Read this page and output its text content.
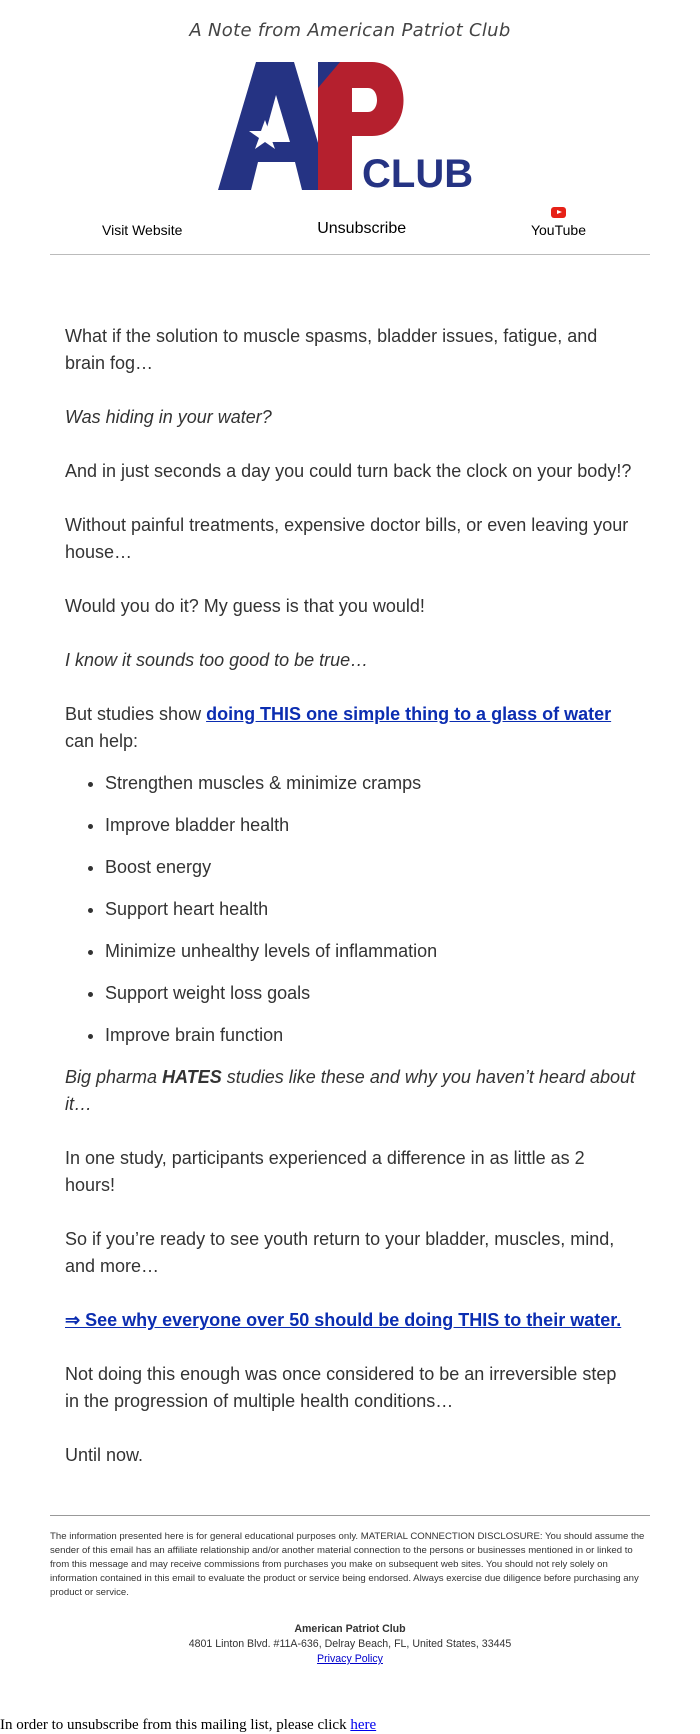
A Note from American Patriot Club
CLUB
Visit Website	Unsubscribe	YouTube

What if the solution to muscle spasms, bladder issues, fatigue, and brain fog…

Was hiding in your water?

And in just seconds a day you could turn back the clock on your body!?

Without painful treatments, expensive doctor bills, or even leaving your house…

Would you do it? My guess is that you would!

I know it sounds too good to be true…

But studies show doing THIS one simple thing to a glass of water can help:

• Strengthen muscles & minimize cramps
• Improve bladder health
• Boost energy
• Support heart health
• Minimize unhealthy levels of inflammation
• Support weight loss goals
• Improve brain function

Big pharma HATES studies like these and why you haven’t heard about it…

In one study, participants experienced a difference in as little as 2 hours!

So if you’re ready to see youth return to your bladder, muscles, mind, and more…

⇒ See why everyone over 50 should be doing THIS to their water.

Not doing this enough was once considered to be an irreversible step in the progression of multiple health conditions…

Until now.

The information presented here is for general educational purposes only. MATERIAL CONNECTION DISCLOSURE: You should assume the sender of this email has an affiliate relationship and/or another material connection to the persons or businesses mentioned in or linked to from this message and may receive commissions from purchases you make on subsequent web sites. You should not rely solely on information contained in this email to evaluate the product or service being endorsed. Always exercise due diligence before purchasing any product or service.

American Patriot Club
4801 Linton Blvd. #11A-636, Delray Beach, FL, United States, 33445
Privacy Policy
In order to unsubscribe from this mailing list, please click here
